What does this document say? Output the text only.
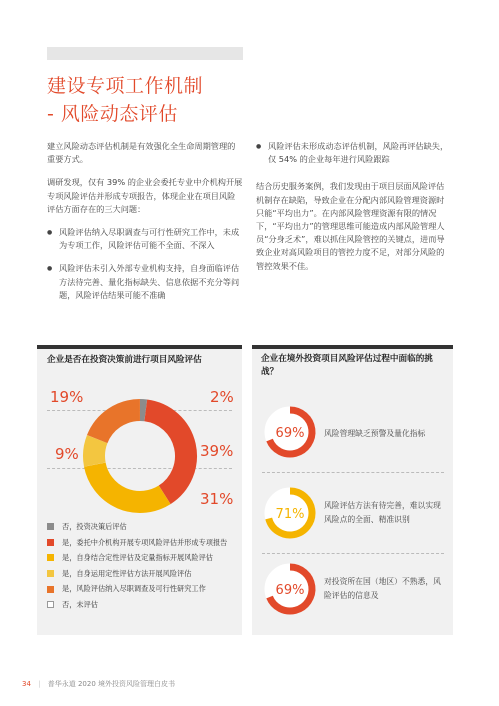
建设专项工作机制
- 风险动态评估

建立风险动态评估机制是有效强化全生命周期管理的重要方式。

调研发现，仅有 39% 的企业会委托专业中介机构开展专项风险评估并形成专项报告，体现企业在项目风险评估方面存在的三大问题：

● 风险评估纳入尽职调查与可行性研究工作中，未成为专项工作，风险评估可能不全面、不深入
● 风险评估未引入外部专业机构支持，自身面临评估方法待完善、量化指标缺失、信息依据不充分等问题，风险评估结果可能不准确
● 风险评估未形成动态评估机制，风险再评估缺失，仅 54% 的企业每年进行风险跟踪

结合历史服务案例，我们发现由于项目层面风险评估机制存在缺陷，导致企业在分配内部风险管理资源时只能“平均出力”。在内部风险管理资源有限的情况下，“平均出力”的管理思维可能造成内部风险管理人员“分身乏术”，难以抓住风险管控的关键点，进而导致企业对高风险项目的管控力度不足，对部分风险的管控效果不佳。

企业是否在投资决策前进行项目风险评估
19%	2%
9%	39%
31%
否，投资决策后评估
是，委托中介机构开展专项风险评估并形成专项报告
是，自身结合定性评估及定量指标开展风险评估
是，自身运用定性评估方法开展风险评估
是，风险评估纳入尽职调查及可行性研究工作
否，未评估
企业在境外投资项目风险评估过程中面临的挑战？
69%
71%
69%
风险管理缺乏预警及量化指标
风险评估方法有待完善，难以实现风险点的全面、精准识别
对投资所在国（地区）不熟悉，风险评估的信息及
34 | 普华永道 2020 境外投资风险管理白皮书
